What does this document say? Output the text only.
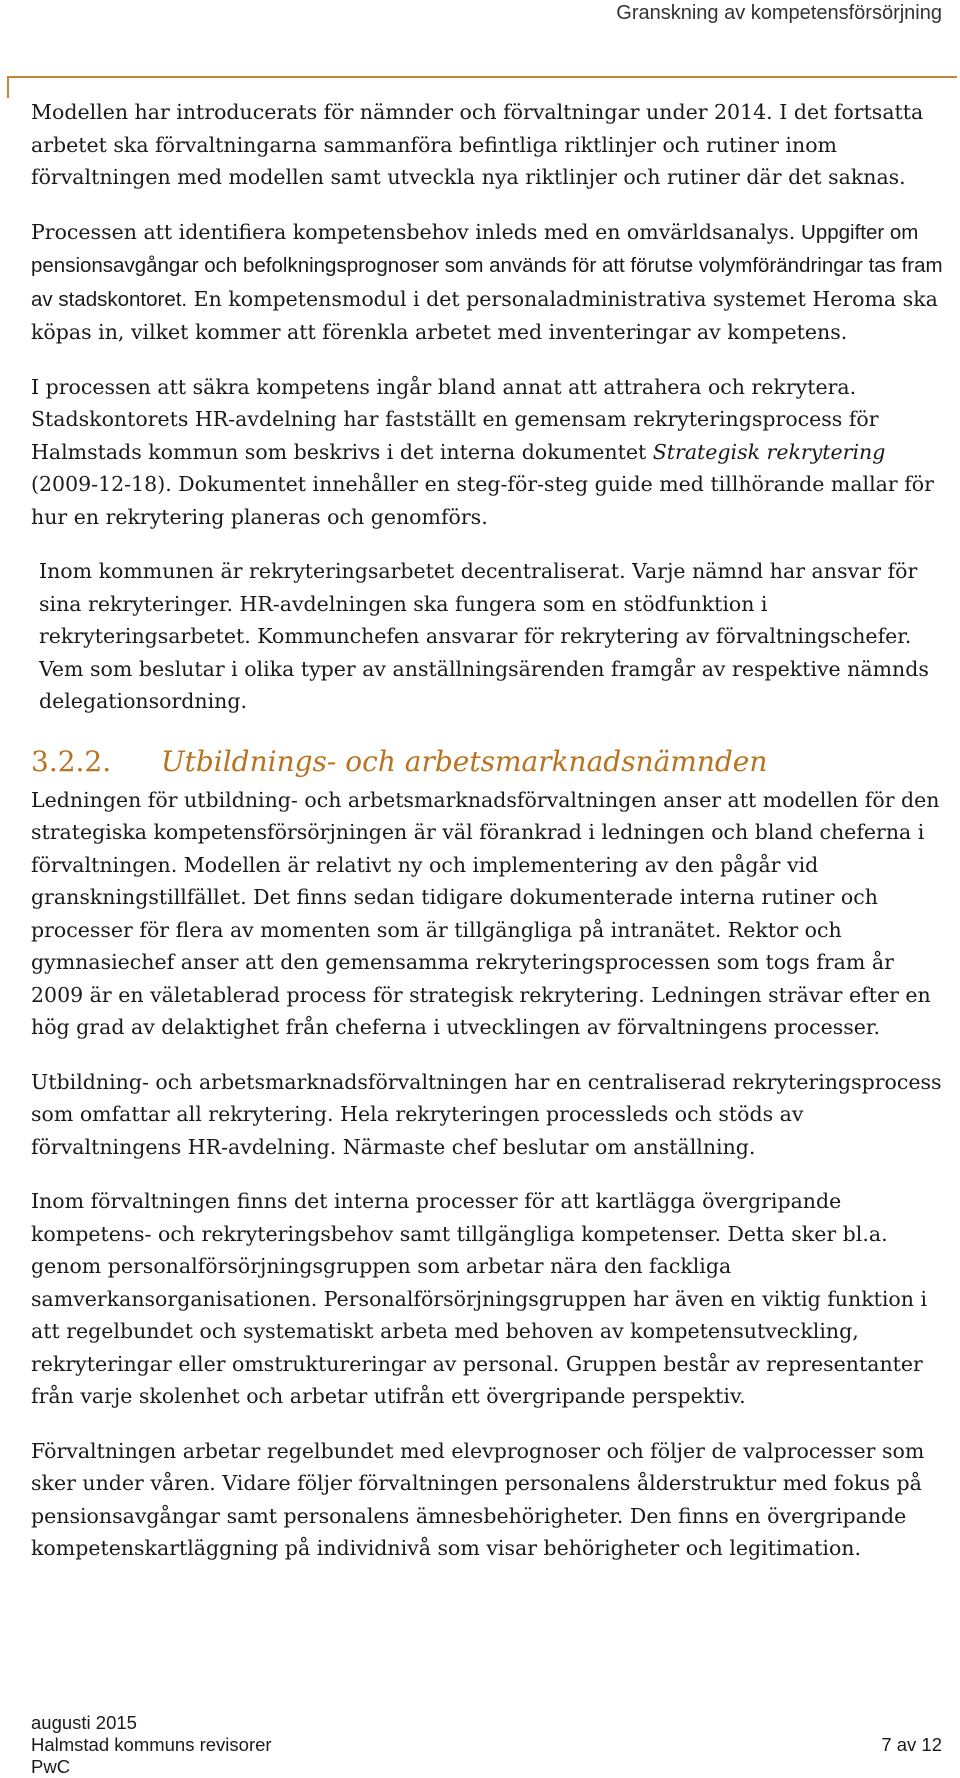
Granskning av kompetensförsörjning

Modellen har introducerats för nämnder och förvaltningar under 2014. I det fortsatta arbetet ska förvaltningarna sammanföra befintliga riktlinjer och rutiner inom förvaltningen med modellen samt utveckla nya riktlinjer och rutiner där det saknas.

Processen att identifiera kompetensbehov inleds med en omvärldsanalys. Uppgifter om pensionsavgångar och befolkningsprognoser som används för att förutse volymförändringar tas fram av stadskontoret. En kompetensmodul i det personaladministrativa systemet Heroma ska köpas in, vilket kommer att förenkla arbetet med inventeringar av kompetens.

I processen att säkra kompetens ingår bland annat att attrahera och rekrytera. Stadskontorets HR-avdelning har fastställt en gemensam rekryteringsprocess för Halmstads kommun som beskrivs i det interna dokumentet Strategisk rekrytering (2009-12-18). Dokumentet innehåller en steg-för-steg guide med tillhörande mallar för hur en rekrytering planeras och genomförs.

Inom kommunen är rekryteringsarbetet decentraliserat. Varje nämnd har ansvar för sina rekryteringer. HR-avdelningen ska fungera som en stödfunktion i rekryteringsarbetet. Kommunchefen ansvarar för rekrytering av förvaltningschefer. Vem som beslutar i olika typer av anställningsärenden framgår av respektive nämnds delegationsordning.

3.2.2. Utbildnings- och arbetsmarknadsnämnden

Ledningen för utbildning- och arbetsmarknadsförvaltningen anser att modellen för den strategiska kompetensförsörjningen är väl förankrad i ledningen och bland cheferna i förvaltningen. Modellen är relativt ny och implementering av den pågår vid granskningstillfället. Det finns sedan tidigare dokumenterade interna rutiner och processer för flera av momenten som är tillgängliga på intranätet. Rektor och gymnasiechef anser att den gemensamma rekryteringsprocessen som togs fram år 2009 är en väletablerad process för strategisk rekrytering. Ledningen strävar efter en hög grad av delaktighet från cheferna i utvecklingen av förvaltningens processer.

Utbildning- och arbetsmarknadsförvaltningen har en centraliserad rekryteringsprocess som omfattar all rekrytering. Hela rekryteringen processleds och stöds av förvaltningens HR-avdelning. Närmaste chef beslutar om anställning.

Inom förvaltningen finns det interna processer för att kartlägga övergripande kompetens- och rekryteringsbehov samt tillgängliga kompetenser. Detta sker bl.a. genom personalförsörjningsgruppen som arbetar nära den fackliga samverkansorganisationen. Personalförsörjningsgruppen har även en viktig funktion i att regelbundet och systematiskt arbeta med behoven av kompetensutveckling, rekryteringar eller omstruktureringar av personal. Gruppen består av representanter från varje skolenhet och arbetar utifrån ett övergripande perspektiv.

Förvaltningen arbetar regelbundet med elevprognoser och följer de valprocesser som sker under våren. Vidare följer förvaltningen personalens ålderstruktur med fokus på pensionsavgångar samt personalens ämnesbehörigheter. Den finns en övergripande kompetenskartläggning på individnivå som visar behörigheter och legitimation.

augusti 2015
Halmstad kommuns revisorer
PwC
7 av 12
